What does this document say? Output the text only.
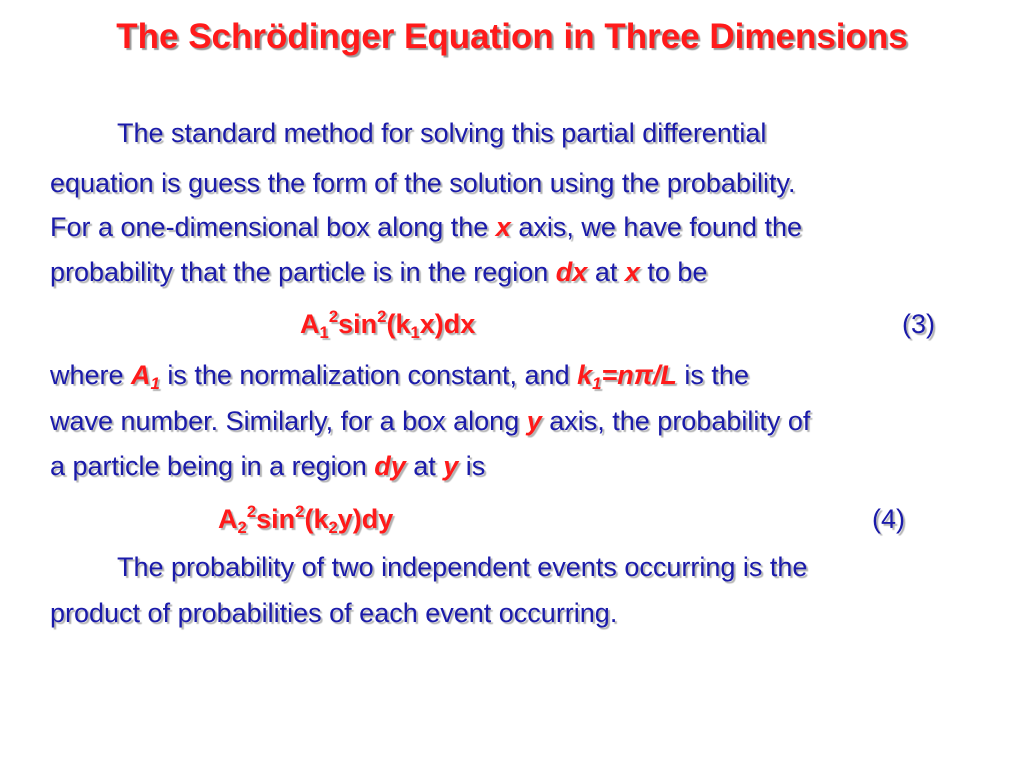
The Schrödinger Equation in Three Dimensions
The standard method for solving this partial differential
equation is guess the form of the solution using the probability.
For a one-dimensional box along the x axis, we have found the
probability that the particle is in the region dx at x to be
$A_1^2\sin^2(k_1x)dx$	(3)
where $A_1$ is the normalization constant, and $k_1=n\pi/L$ is the
wave number. Similarly, for a box along y axis, the probability of
a particle being in a region dy at y is
$A_2^2\sin^2(k_2y)dy$	(4)
The probability of two independent events occurring is the
product of probabilities of each event occurring.
